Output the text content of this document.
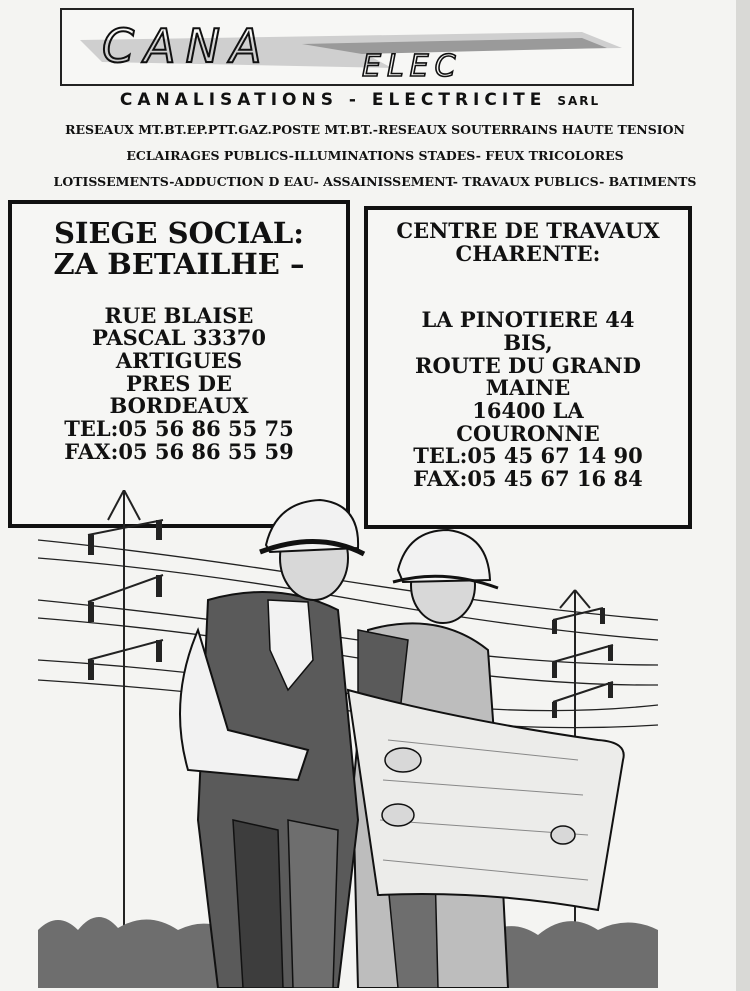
CANA	ELEC
CANALISATIONS - ELECTRICITE SARL
RESEAUX MT.BT.EP.PTT.GAZ.POSTE MT.BT.-RESEAUX SOUTERRAINS HAUTE TENSION
ECLAIRAGES PUBLICS-ILLUMINATIONS STADES- FEUX TRICOLORES
LOTISSEMENTS-ADDUCTION D EAU- ASSAINISSEMENT- TRAVAUX PUBLICS- BATIMENTS
SIEGE SOCIAL:
ZA BETAILHE –
RUE BLAISE
PASCAL 33370
ARTIGUES
PRES DE
BORDEAUX
TEL:05 56 86 55 75
FAX:05 56 86 55 59
CENTRE DE TRAVAUX
CHARENTE:
LA PINOTIERE 44
BIS,
ROUTE DU GRAND
MAINE
16400 LA
COURONNE
TEL:05 45 67 14 90
FAX:05 45 67 16 84
